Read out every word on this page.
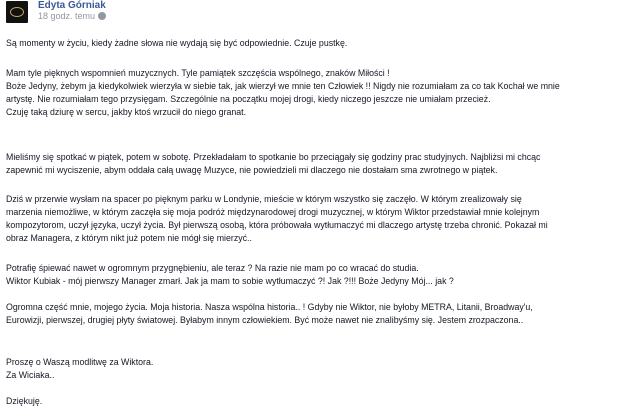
Edyta Górniak
18 godz. temu
Są momenty w życiu, kiedy żadne słowa nie wydają się być odpowiednie. Czuje pustkę.
Mam tyle pięknych wspomnień muzycznych. Tyle pamiątek szczęścia wspólnego, znaków Miłości !
Boże Jedyny, żebym ja kiedykolwiek wierzyła w siebie tak, jak wierzył we mnie ten Człowiek !! Nigdy nie rozumiałam za co tak Kochał we mnie
artystę. Nie rozumiałam tego przysięgam. Szczególnie na początku mojej drogi, kiedy niczego jeszcze nie umiałam przecież.
Czuję taką dziurę w sercu, jakby ktoś wrzucił do niego granat.
Mieliśmy się spotkać w piątek, potem w sobotę. Przekładałam to spotkanie bo przeciągały się godziny prac studyjnych. Najbliżsi mi chcąc
zapewnić mi wyciszenie, abym oddała całą uwagę Muzyce, nie powiedzieli mi dlaczego nie dostałam sma zwrotnego w piątek.
Dziś w przerwie wysłam na spacer po pięknym parku w Londynie, mieście w którym wszystko się zaczęło. W którym zrealizowały się
marzenia niemożliwe, w którym zaczęła się moja podróż międzynarodowej drogi muzycznej, w którym Wiktor przedstawiał mnie kolejnym
kompozytorom, uczył języka, uczył życia. Był pierwszą osobą, która próbowała wytłumaczyć mi dlaczego artystę trzeba chronić. Pokazał mi
obraz Managera, z którym nikt już potem nie mógł się mierzyć..
Potrafię śpiewać nawet w ogromnym przygnębieniu, ale teraz ? Na razie nie mam po co wracać do studia.
Wiktor Kubiak - mój pierwszy Manager zmarł. Jak ja mam to sobie wytłumaczyć ?! Jak ?!!! Boże Jedyny Mój... jak ?
Ogromna część mnie, mojego życia. Moja historia. Nasza wspólna historia.. ! Gdyby nie Wiktor, nie byłoby METRA, Litanii, Broadway'u,
Eurowizji, pierwszej, drugiej płyty światowej. Byłabym innym człowiekiem. Być może nawet nie znalibyśmy się. Jestem zrozpaczona..
Proszę o Waszą modlitwę za Wiktora.
Za Wiciaka..
Dziękuję.
